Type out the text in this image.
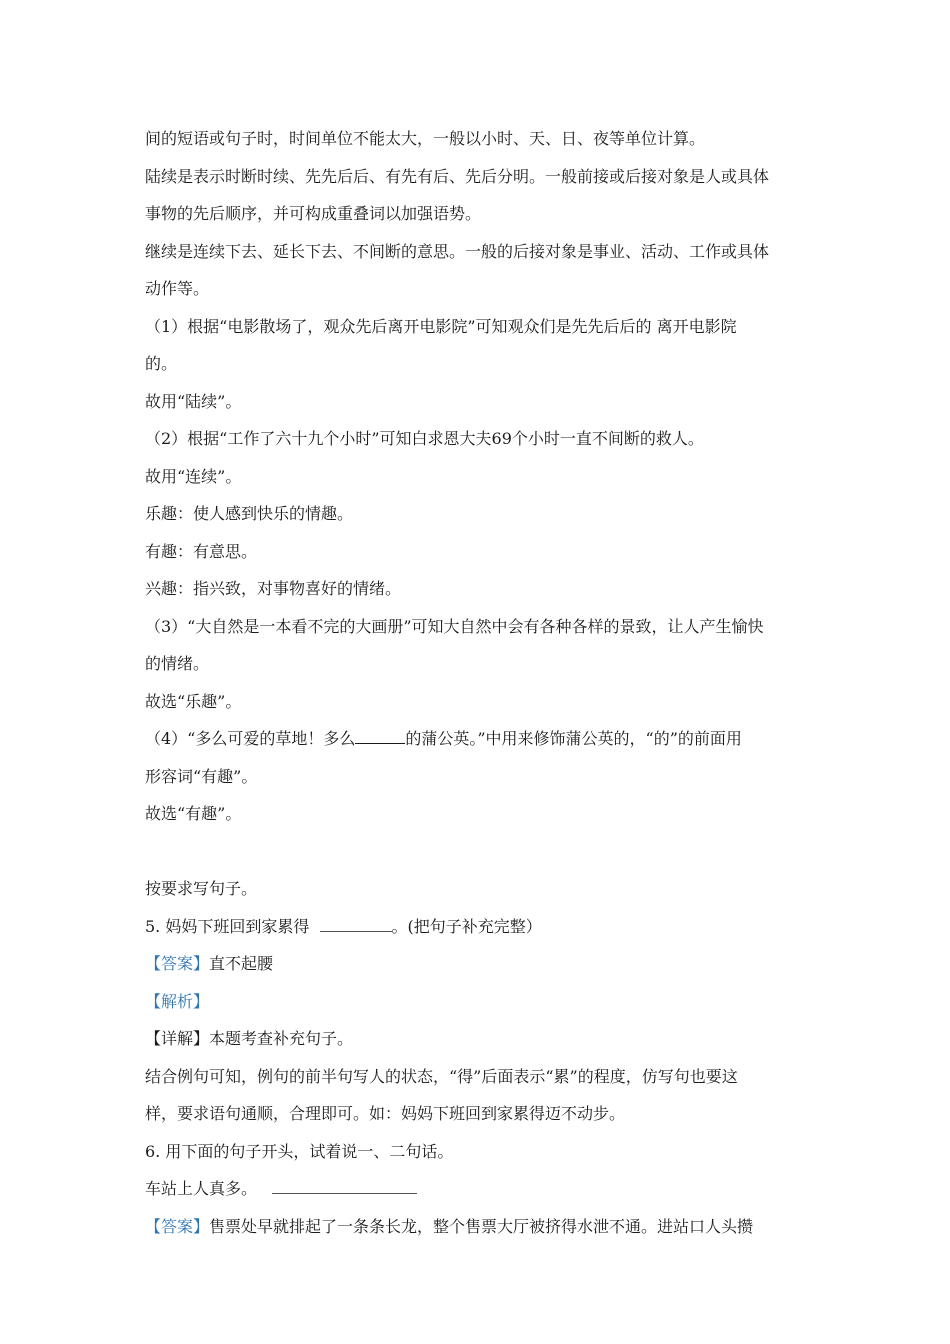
间的短语或句子时，时间单位不能太大，一般以小时、天、日、夜等单位计算。

陆续是表示时断时续、先先后后、有先有后、先后分明。一般前接或后接对象是人或具体

事物的先后顺序，并可构成重叠词以加强语势。

继续是连续下去、延长下去、不间断的意思。一般的后接对象是事业、活动、工作或具体

动作等。

（1）根据“电影散场了，观众先后离开电影院”可知观众们是先先后后的 离开电影院

的。

故用“陆续”。

（2）根据“工作了六十九个小时”可知白求恩大夫69个小时一直不间断的救人。

故用“连续”。

乐趣：使人感到快乐的情趣。

有趣：有意思。

兴趣：指兴致，对事物喜好的情绪。

（3）“大自然是一本看不完的大画册”可知大自然中会有各种各样的景致，让人产生愉快

的情绪。

故选“乐趣”。

（4）“多么可爱的草地！多么	的蒲公英。”中用来修饰蒲公英的，“的”的前面用

形容词“有趣”。

故选“有趣”。

按要求写句子。

5. 妈妈下班回到家累得	。(把句子补充完整）

【答案】直不起腰

【解析】

【详解】本题考查补充句子。

结合例句可知，例句的前半句写人的状态，“得”后面表示“累”的程度，仿写句也要这

样，要求语句通顺，合理即可。如：妈妈下班回到家累得迈不动步。

6. 用下面的句子开头，试着说一、二句话。

车站上人真多。

【答案】售票处早就排起了一条条长龙，整个售票大厅被挤得水泄不通。进站口人头攒
